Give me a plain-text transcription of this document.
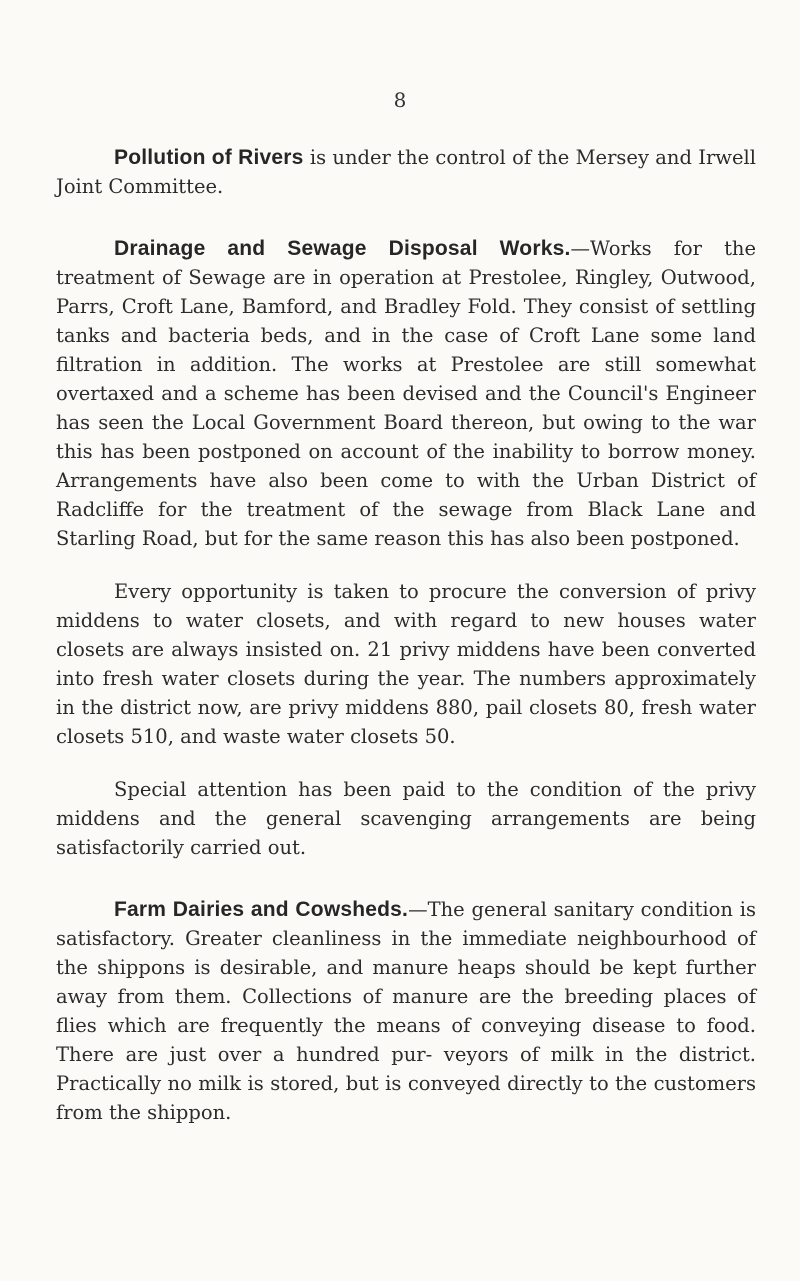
8

Pollution of Rivers is under the control of the Mersey and Irwell Joint Committee.

Drainage and Sewage Disposal Works.—Works for the treatment of Sewage are in operation at Prestolee, Ringley, Outwood, Parrs, Croft Lane, Bamford, and Bradley Fold. They consist of settling tanks and bacteria beds, and in the case of Croft Lane some land filtration in addition. The works at Prestolee are still somewhat overtaxed and a scheme has been devised and the Council's Engineer has seen the Local Government Board thereon, but owing to the war this has been postponed on account of the inability to borrow money. Arrangements have also been come to with the Urban District of Radcliffe for the treatment of the sewage from Black Lane and Starling Road, but for the same reason this has also been postponed.

Every opportunity is taken to procure the conversion of privy middens to water closets, and with regard to new houses water closets are always insisted on. 21 privy middens have been converted into fresh water closets during the year. The numbers approximately in the district now, are privy middens 880, pail closets 80, fresh water closets 510, and waste water closets 50.

Special attention has been paid to the condition of the privy middens and the general scavenging arrangements are being satisfactorily carried out.

Farm Dairies and Cowsheds.—The general sanitary condition is satisfactory. Greater cleanliness in the immediate neighbourhood of the shippons is desirable, and manure heaps should be kept further away from them. Collections of manure are the breeding places of flies which are frequently the means of conveying disease to food. There are just over a hundred pur- veyors of milk in the district. Practically no milk is stored, but is conveyed directly to the customers from the shippon.
